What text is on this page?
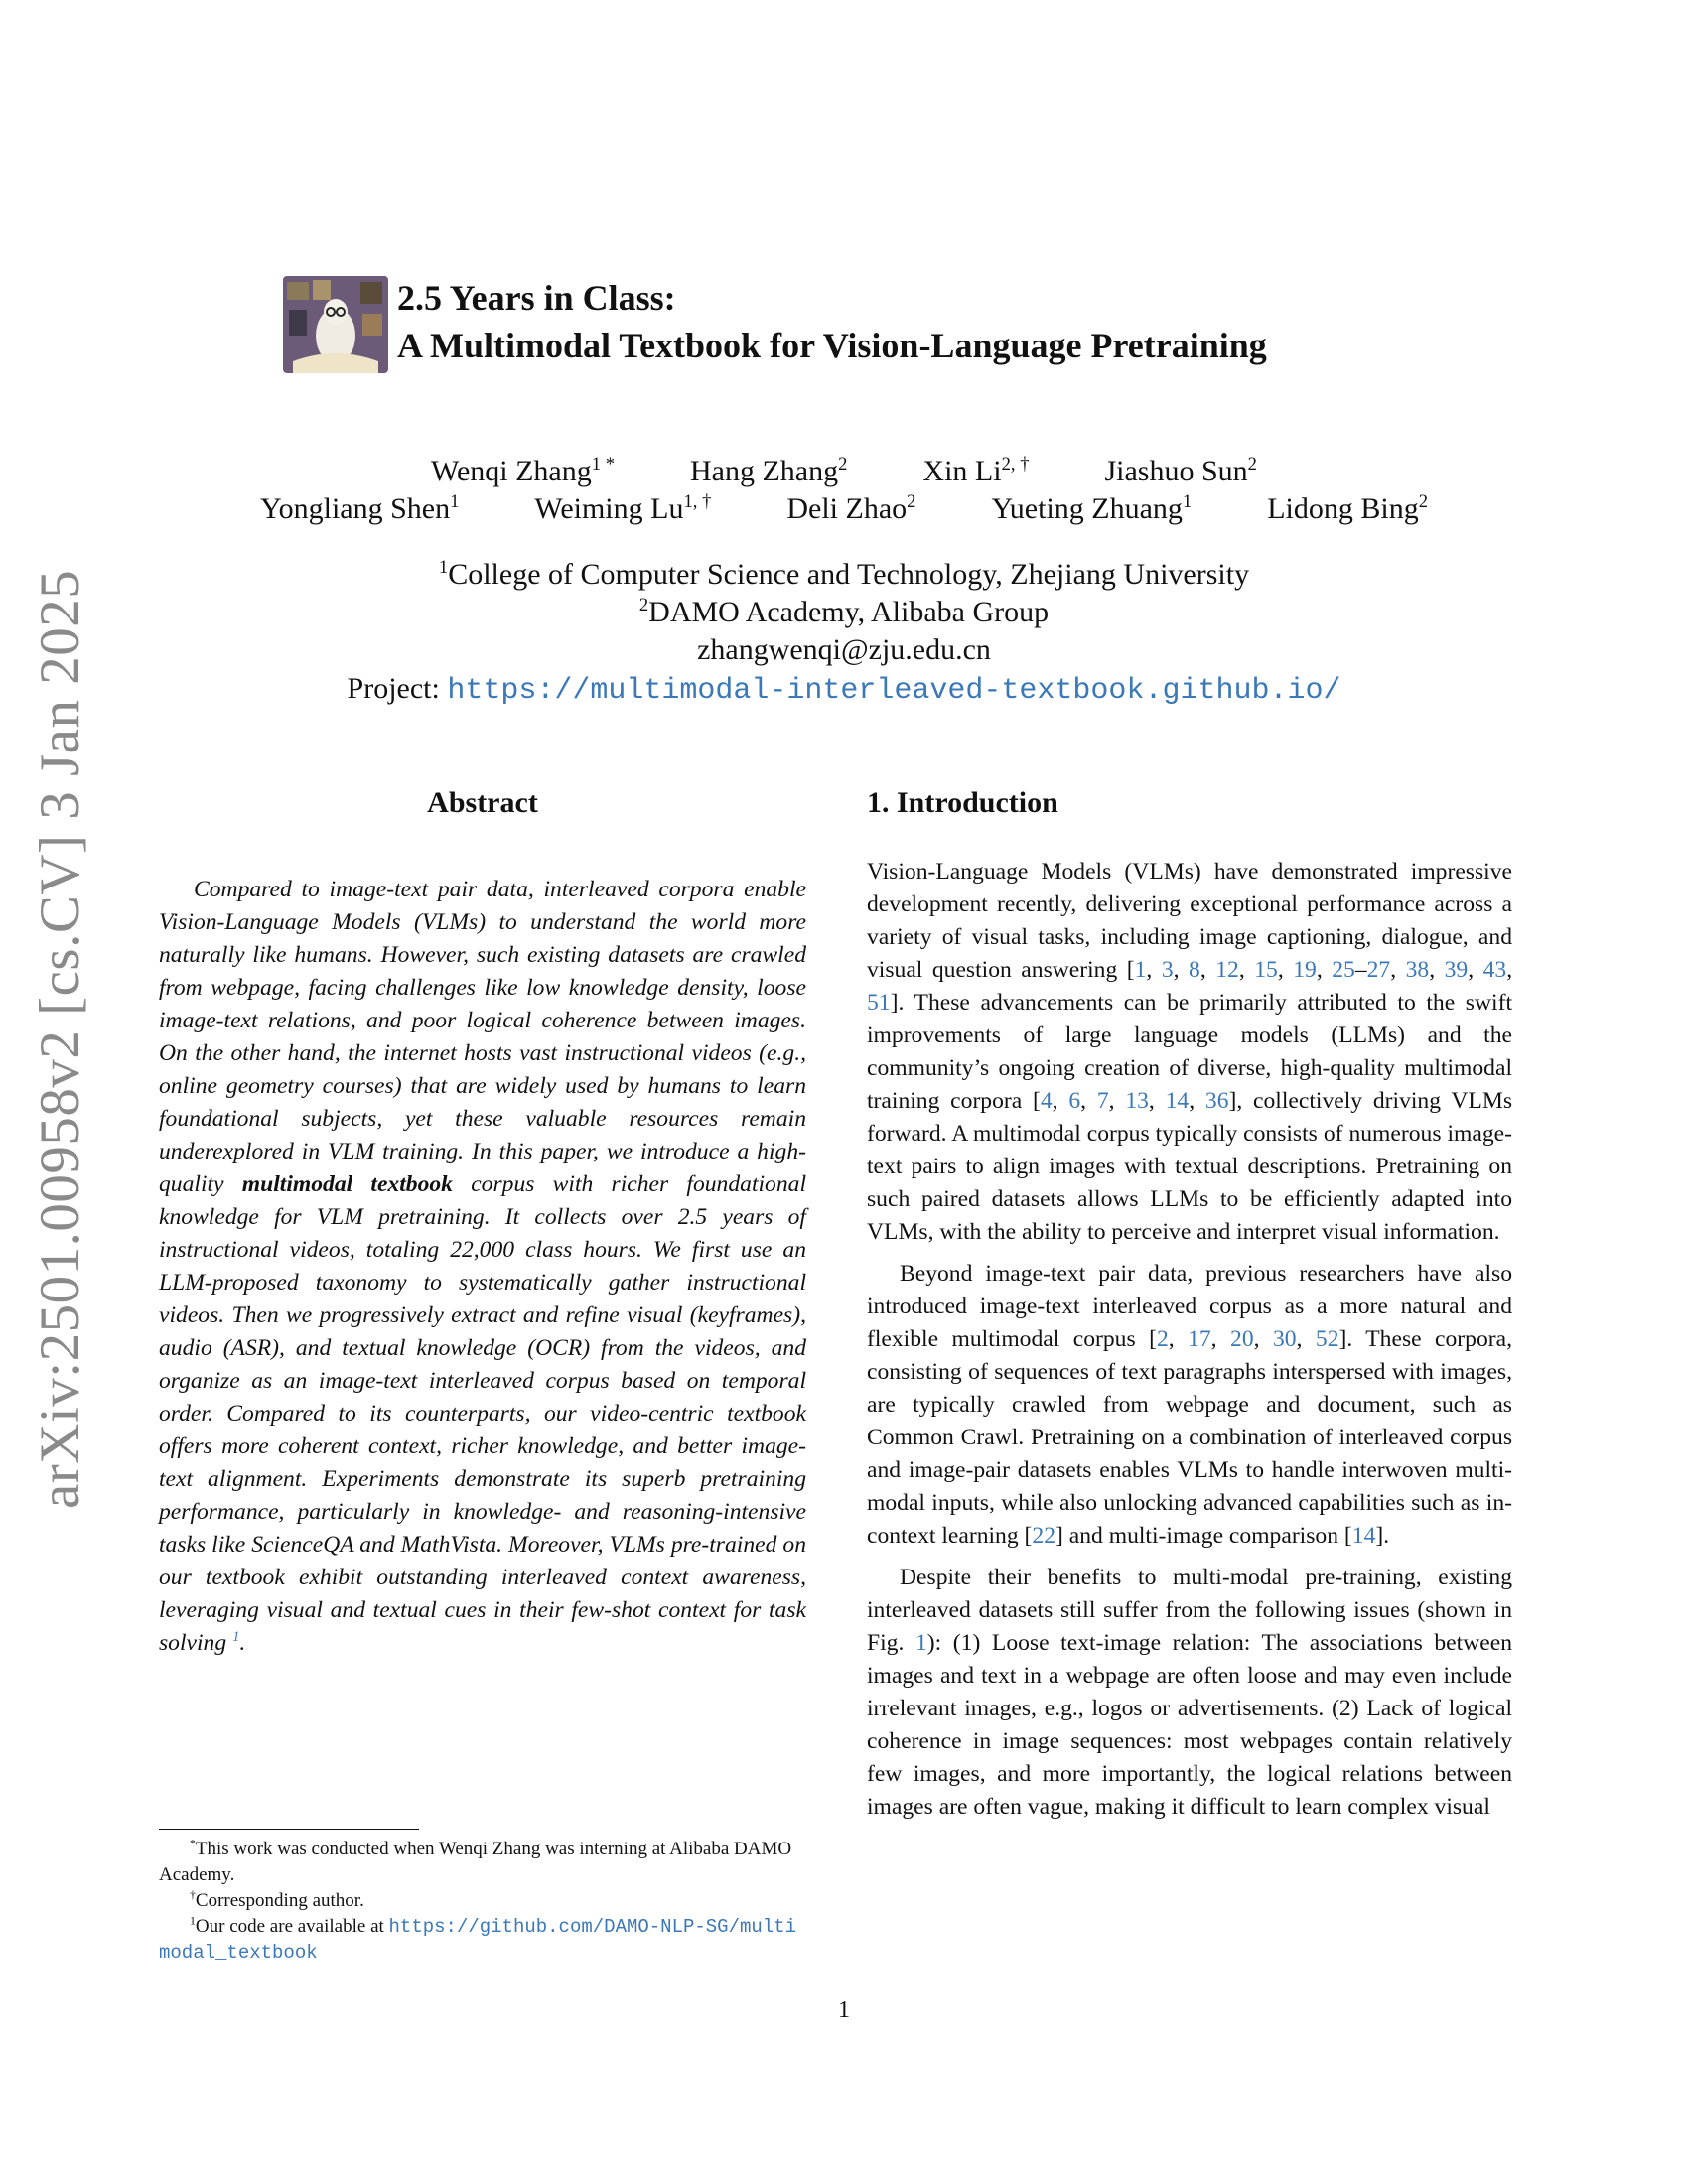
arXiv:2501.00958v2 [cs.CV] 3 Jan 2025
2.5 Years in Class:
A Multimodal Textbook for Vision-Language Pretraining
Wenqi Zhang$^{1 *}$	Hang Zhang$^2$	Xin $Li^{2, \dagger}$	Jiashuo Sun$^2$
Yongliang Shen$^1$	Weiming $Lu^{1, \dagger}$	Deli Zhao$^2$	Yueting Zhuang$^1$	Lidong Bing$^2$
$^1$College of Computer Science and Technology, Zhejiang University
$^2$DAMO Academy, Alibaba Group
zhangwenqi@zju.edu.cn
Project: https://multimodal-interleaved-textbook.github.io/
Abstract
Compared to image-text pair data, interleaved corpora enable Vision-Language Models (VLMs) to understand the world more naturally like humans. However, such existing datasets are crawled from webpage, facing challenges like low knowledge density, loose image-text relations, and poor logical coherence between images. On the other hand, the internet hosts vast instructional videos (e.g., online geometry courses) that are widely used by humans to learn foundational subjects, yet these valuable resources remain underexplored in VLM training. In this paper, we introduce a high-quality multimodal textbook corpus with richer foundational knowledge for VLM pretraining. It collects over 2.5 years of instructional videos, totaling 22,000 class hours. We first use an LLM-proposed taxonomy to systematically gather instructional videos. Then we progressively extract and refine visual (keyframes), audio (ASR), and textual knowledge (OCR) from the videos, and organize as an image-text interleaved corpus based on temporal order. Compared to its counterparts, our video-centric textbook offers more coherent context, richer knowledge, and better image-text alignment. Experiments demonstrate its superb pretraining performance, particularly in knowledge- and reasoning-intensive tasks like ScienceQA and MathVista. Moreover, VLMs pre-trained on our textbook exhibit outstanding interleaved context awareness, leveraging visual and textual cues in their few-shot context for task solving $^1$.
1. Introduction

Vision-Language Models (VLMs) have demonstrated impressive development recently, delivering exceptional performance across a variety of visual tasks, including image captioning, dialogue, and visual question answering [1, 3, 8, 12, 15, 19, 25–27, 38, 39, 43, 51]. These advancements can be primarily attributed to the swift improvements of large language models (LLMs) and the community’s ongoing creation of diverse, high-quality multimodal training corpora [4, 6, 7, 13, 14, 36], collectively driving VLMs forward. A multimodal corpus typically consists of numerous image-text pairs to align images with textual descriptions. Pretraining on such paired datasets allows LLMs to be efficiently adapted into VLMs, with the ability to perceive and interpret visual information.

Beyond image-text pair data, previous researchers have also introduced image-text interleaved corpus as a more natural and flexible multimodal corpus [2, 17, 20, 30, 52]. These corpora, consisting of sequences of text paragraphs interspersed with images, are typically crawled from webpage and document, such as Common Crawl. Pretraining on a combination of interleaved corpus and image-pair datasets enables VLMs to handle interwoven multi-modal inputs, while also unlocking advanced capabilities such as in-context learning [22] and multi-image comparison [14].

Despite their benefits to multi-modal pre-training, existing interleaved datasets still suffer from the following issues (shown in Fig. 1): (1) Loose text-image relation: The associations between images and text in a webpage are often loose and may even include irrelevant images, e.g., logos or advertisements. (2) Lack of logical coherence in image sequences: most webpages contain relatively few images, and more importantly, the logical relations between images are often vague, making it difficult to learn complex visual

*This work was conducted when Wenqi Zhang was interning at Alibaba DAMO Academy.
†Corresponding author.
$^1$Our code are available at https://github.com/DAMO-NLP-SG/multimodal_textbook
1
